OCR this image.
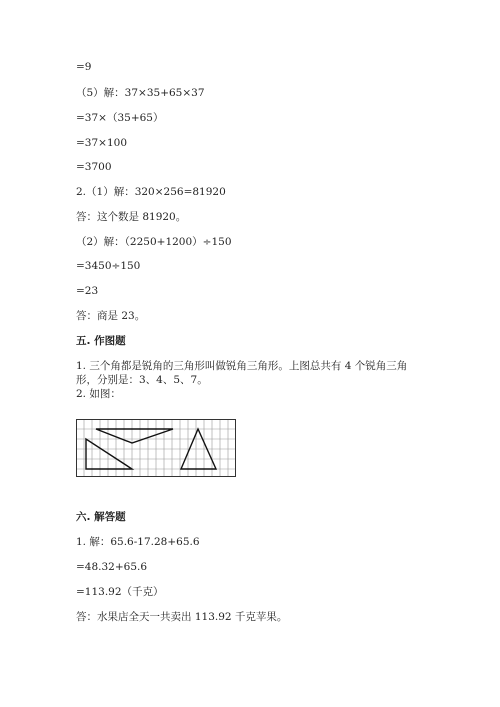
=9
（5）解：37×35+65×37
=37×（35+65）
=37×100
=3700
2.（1）解：320×256=81920
答：这个数是 81920。
（2）解：（2250+1200）÷150
=3450÷150
=23
答：商是 23。
五. 作图题
1. 三个角都是锐角的三角形叫做锐角三角形。上图总共有 4 个锐角三角形，分别是：3、4、5、7。
2. 如图：
六. 解答题
1. 解：65.6-17.28+65.6
=48.32+65.6
=113.92（千克）
答：水果店全天一共卖出 113.92 千克苹果。
